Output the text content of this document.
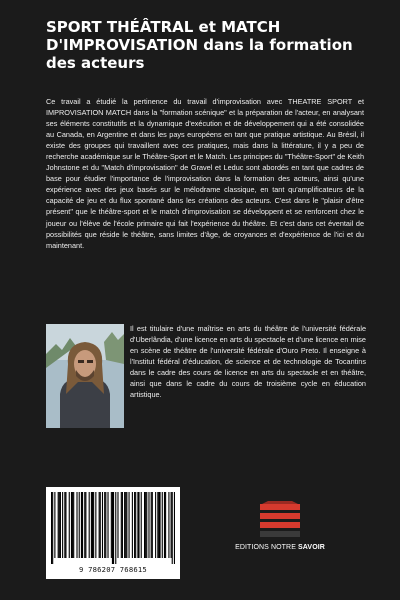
SPORT THÉÂTRAL et MATCH D'IMPROVISATION dans la formation des acteurs

Ce travail a étudié la pertinence du travail d'improvisation avec THEATRE SPORT et IMPROVISATION MATCH dans la "formation scénique" et la préparation de l'acteur, en analysant ses éléments constitutifs et la dynamique d'exécution et de développement qui a été consolidée au Canada, en Argentine et dans les pays européens en tant que pratique artistique. Au Brésil, il existe des groupes qui travaillent avec ces pratiques, mais dans la littérature, il y a peu de recherche académique sur le Théâtre-Sport et le Match. Les principes du "Théâtre-Sport" de Keith Johnstone et du "Match d'improvisation" de Gravel et Leduc sont abordés en tant que cadres de base pour étudier l'importance de l'improvisation dans la formation des acteurs, ainsi qu'une expérience avec des jeux basés sur le mélodrame classique, en tant qu'amplificateurs de la capacité de jeu et du flux spontané dans les créations des acteurs. C'est dans le "plaisir d'être présent" que le théâtre-sport et le match d'improvisation se développent et se renforcent chez le joueur ou l'élève de l'école primaire qui fait l'expérience du théâtre. Et c'est dans cet éventail de possibilités que réside le théâtre, sans limites d'âge, de croyances et d'expérience de l'ici et du maintenant.

Il est titulaire d'une maîtrise en arts du théâtre de l'université fédérale d'Uberlândia, d'une licence en arts du spectacle et d'une licence en mise en scène de théâtre de l'université fédérale d'Ouro Preto. Il enseigne à l'Institut fédéral d'éducation, de science et de technologie de Tocantins dans le cadre des cours de licence en arts du spectacle et en théâtre, ainsi que dans le cadre du cours de troisième cycle en éducation artistique.

9 786207 768615

EDITIONS NOTRE SAVOIR
